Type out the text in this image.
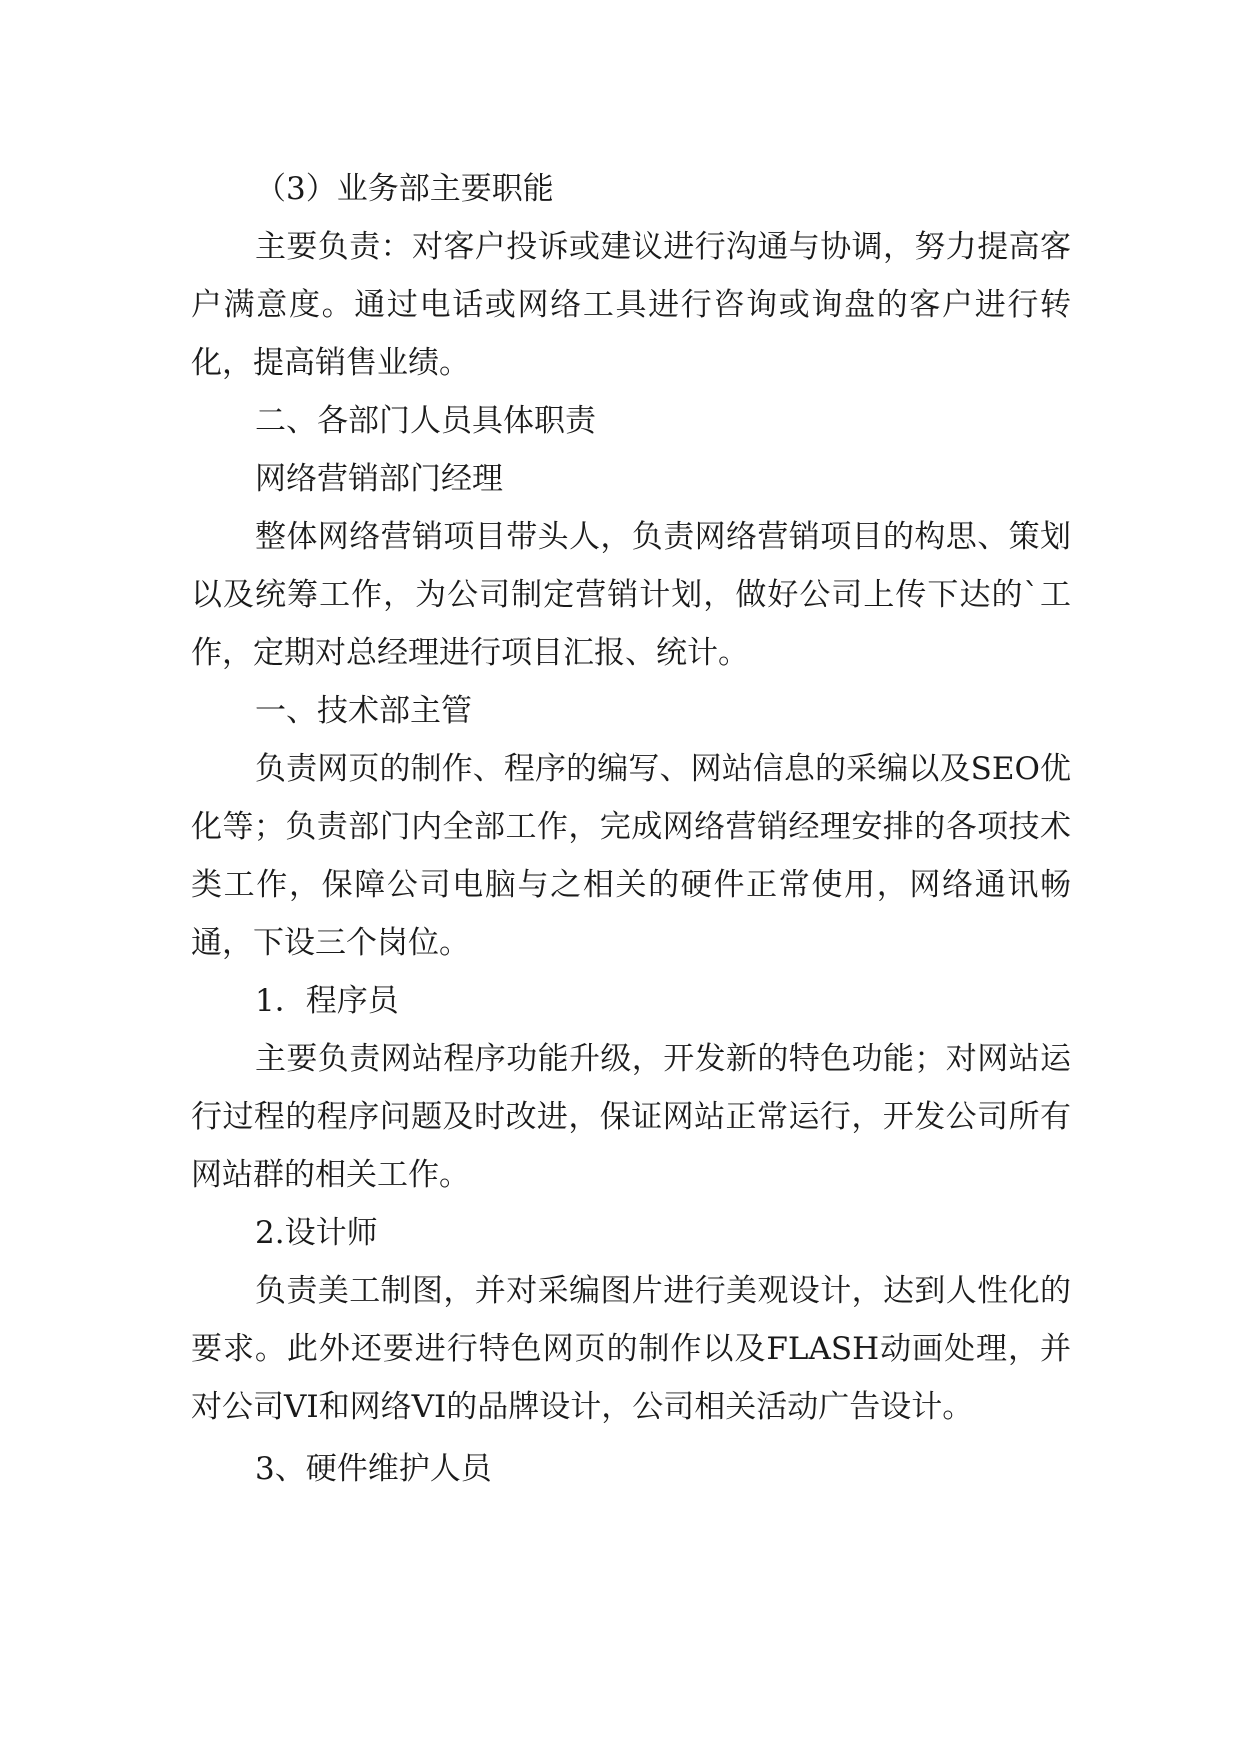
（3）业务部主要职能

主要负责：对客户投诉或建议进行沟通与协调，努力提高客户满意度。通过电话或网络工具进行咨询或询盘的客户进行转化，提高销售业绩。

二、各部门人员具体职责

网络营销部门经理

整体网络营销项目带头人，负责网络营销项目的构思、策划以及统筹工作，为公司制定营销计划，做好公司上传下达的`工作，定期对总经理进行项目汇报、统计。

一、技术部主管

负责网页的制作、程序的编写、网站信息的采编以及SEO优化等；负责部门内全部工作，完成网络营销经理安排的各项技术类工作，保障公司电脑与之相关的硬件正常使用，网络通讯畅通，下设三个岗位。

1．程序员

主要负责网站程序功能升级，开发新的特色功能；对网站运行过程的程序问题及时改进，保证网站正常运行，开发公司所有网站群的相关工作。

2.设计师

负责美工制图，并对采编图片进行美观设计，达到人性化的要求。此外还要进行特色网页的制作以及FLASH动画处理，并对公司VI和网络VI的品牌设计，公司相关活动广告设计。

3、硬件维护人员
